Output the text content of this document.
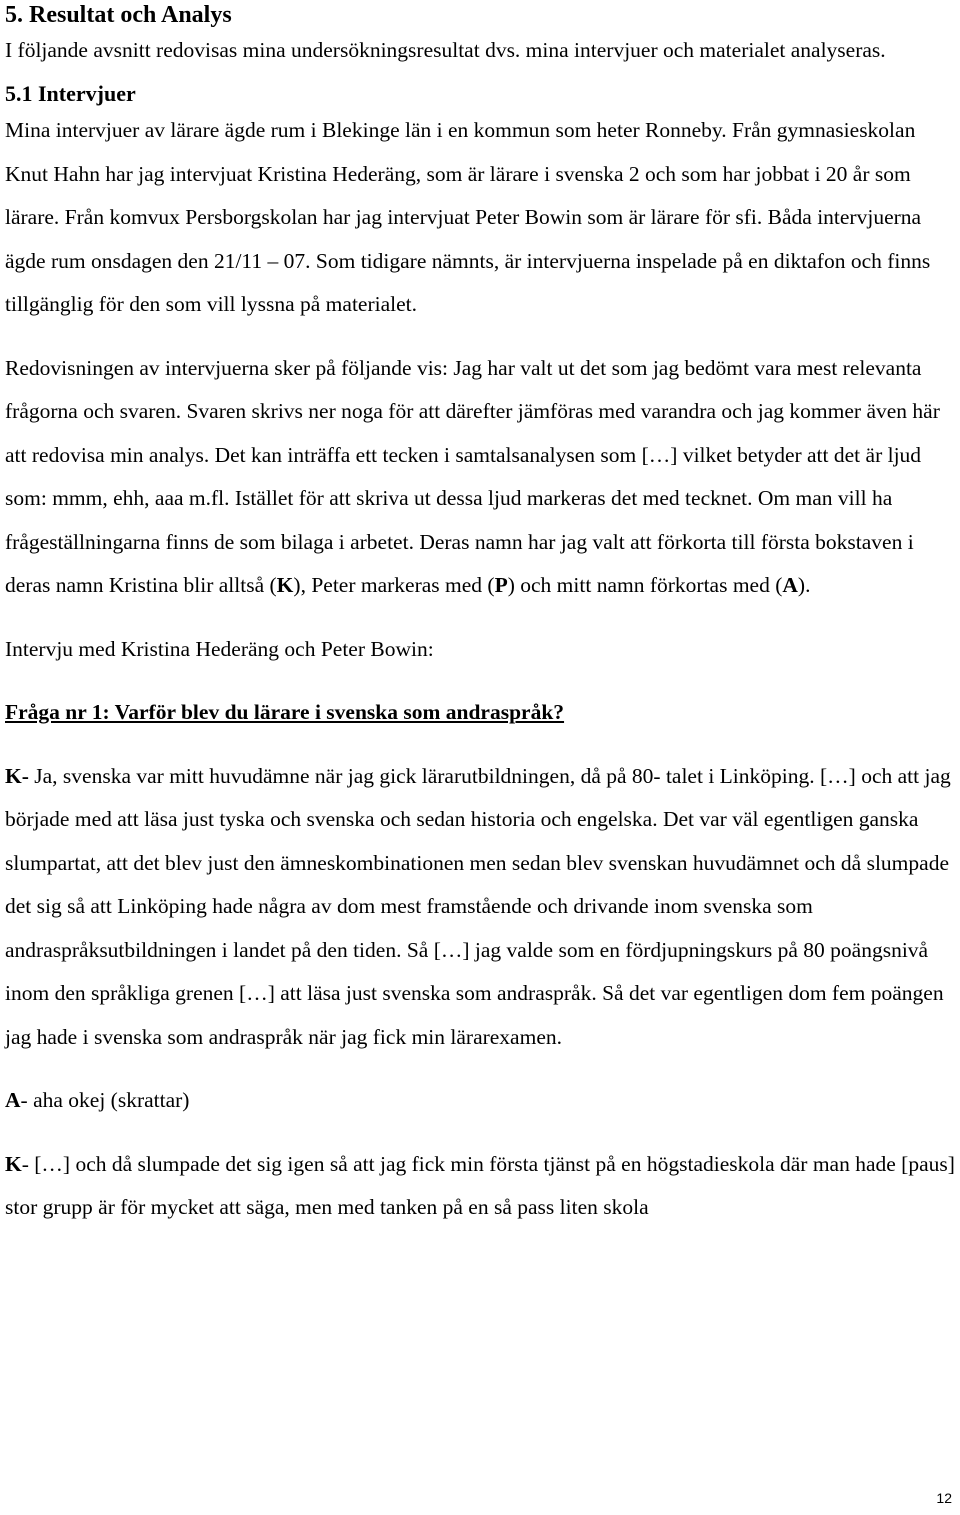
5. Resultat och Analys

I följande avsnitt redovisas mina undersökningsresultat dvs. mina intervjuer och materialet analyseras.

5.1 Intervjuer

Mina intervjuer av lärare ägde rum i Blekinge län i en kommun som heter Ronneby. Från gymnasieskolan Knut Hahn har jag intervjuat Kristina Hederäng, som är lärare i svenska 2 och som har jobbat i 20 år som lärare. Från komvux Persborgskolan har jag intervjuat Peter Bowin som är lärare för sfi. Båda intervjuerna ägde rum onsdagen den 21/11 – 07. Som tidigare nämnts, är intervjuerna inspelade på en diktafon och finns tillgänglig för den som vill lyssna på materialet.

Redovisningen av intervjuerna sker på följande vis: Jag har valt ut det som jag bedömt vara mest relevanta frågorna och svaren. Svaren skrivs ner noga för att därefter jämföras med varandra och jag kommer även här att redovisa min analys. Det kan inträffa ett tecken i samtalsanalysen som […] vilket betyder att det är ljud som: mmm, ehh, aaa m.fl. Istället för att skriva ut dessa ljud markeras det med tecknet. Om man vill ha frågeställningarna finns de som bilaga i arbetet. Deras namn har jag valt att förkorta till första bokstaven i deras namn Kristina blir alltså (K), Peter markeras med (P) och mitt namn förkortas med (A).

Intervju med Kristina Hederäng och Peter Bowin:

Fråga nr 1: Varför blev du lärare i svenska som andraspråk?

K- Ja, svenska var mitt huvudämne när jag gick lärarutbildningen, då på 80- talet i Linköping. […] och att jag började med att läsa just tyska och svenska och sedan historia och engelska. Det var väl egentligen ganska slumpartat, att det blev just den ämneskombinationen men sedan blev svenskan huvudämnet och då slumpade det sig så att Linköping hade några av dom mest framstående och drivande inom svenska som andraspråksutbildningen i landet på den tiden. Så […] jag valde som en fördjupningskurs på 80 poängsnivå inom den språkliga grenen […] att läsa just svenska som andraspråk. Så det var egentligen dom fem poängen jag hade i svenska som andraspråk när jag fick min lärarexamen.

A- aha okej (skrattar)

K- […] och då slumpade det sig igen så att jag fick min första tjänst på en högstadieskola där man hade [paus] stor grupp är för mycket att säga, men med tanken på en så pass liten skola

12
